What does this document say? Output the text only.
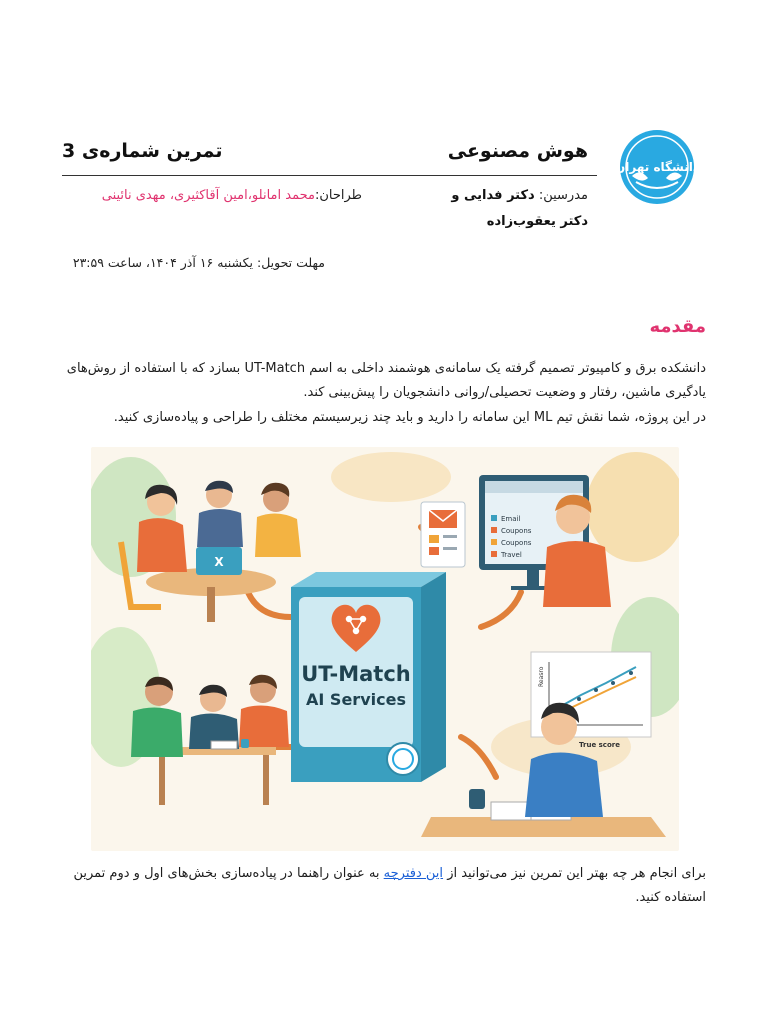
دانشگاه تهران
هوش مصنوعی
تمرین شماره‌ی 3
مدرسین: دکتر فدایی و
دکتر یعقوب‌زاده
طراحان:محمد امانلو،امین آقاکثیری، مهدی نائینی
مهلت تحویل: یکشنبه ۱۶ آذر ۱۴۰۴، ساعت ۲۳:۵۹
مقدمه
دانشکده برق و کامپیوتر تصمیم گرفته یک سامانه‌ی هوشمند داخلی به اسم UT-Match بسازد که با استفاده از روش‌های یادگیری ماشین، رفتار و وضعیت تحصیلی/روانی دانشجویان را پیش‌بینی کند.
در این پروژه، شما نقش تیم ML این سامانه را دارید و باید چند زیرسیستم مختلف را طراحی و پیاده‌سازی کنید.
X
UT-Match
AI Services
Email
Coupons
Coupons
Travel
Reasro
True score
برای انجام هر چه بهتر این تمرین نیز می‌توانید از این دفترچه به عنوان راهنما در پیاده‌سازی بخش‌های اول و دوم تمرین استفاده کنید.
